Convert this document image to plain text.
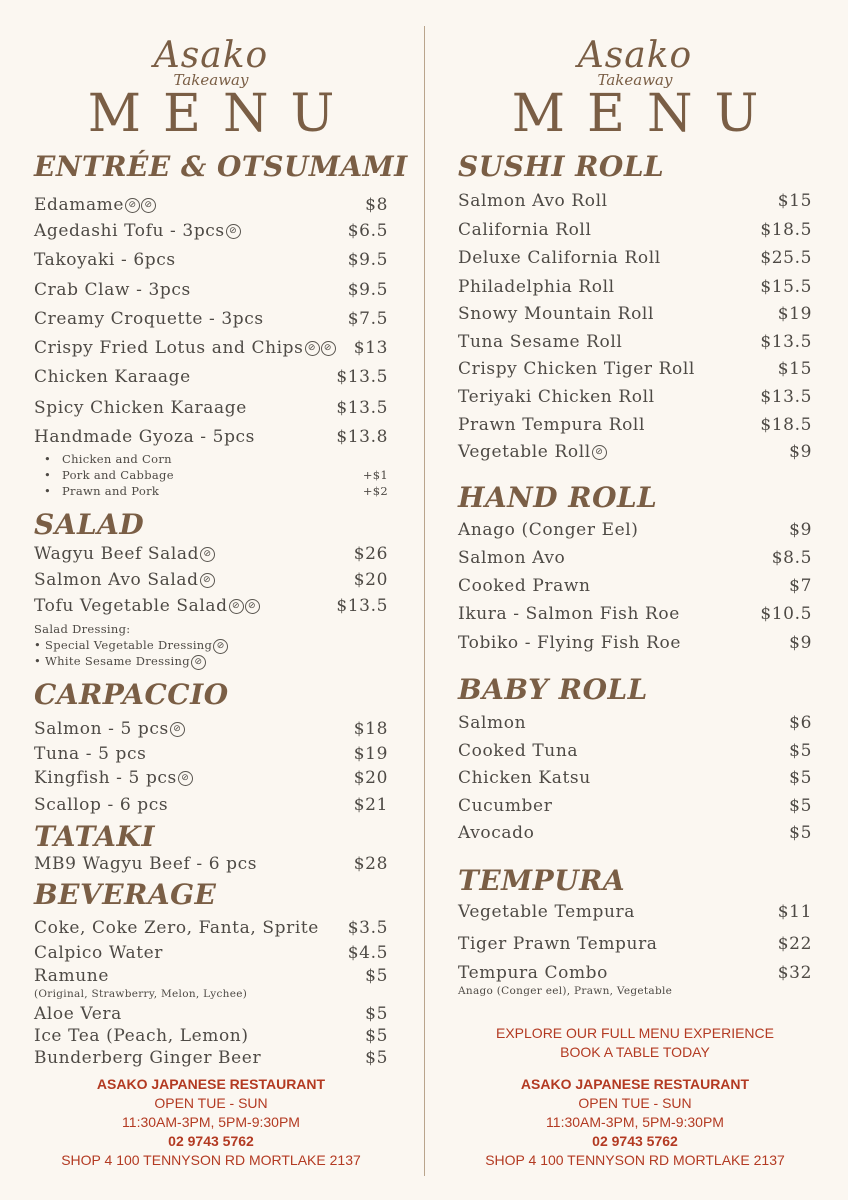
Asako
Takeaway
MENU
ENTRÉE & OTSUMAMI
Edamame ⊘ ⊘	$8
Agedashi Tofu - 3pcs ⊘	$6.5
Takoyaki - 6pcs	$9.5
Crab Claw - 3pcs	$9.5
Creamy Croquette - 3pcs	$7.5
Crispy Fried Lotus and Chips ⊘ ⊘ $13
Chicken Karaage	$13.5
Spicy Chicken Karaage	$13.5
Handmade Gyoza - 5pcs	$13.8
• Chicken and Corn
• Pork and Cabbage	+$1
• Prawn and Pork	+$2
SALAD
Wagyu Beef Salad ⊘	$26
Salmon Avo Salad ⊘	$20
Tofu Vegetable Salad ⊘ ⊘	$13.5
Salad Dressing:
• Special Vegetable Dressing ⊘
• White Sesame Dressing ⊘
CARPACCIO
Salmon - 5 pcs ⊘	$18
Tuna - 5 pcs	$19
Kingfish - 5 pcs ⊘	$20
Scallop - 6 pcs	$21
TATAKI
MB9 Wagyu Beef - 6 pcs	$28
BEVERAGE
Coke, Coke Zero, Fanta, Sprite $3.5
Calpico Water	$4.5
Ramune	$5
(Original, Strawberry, Melon, Lychee)
Aloe Vera	$5
Ice Tea (Peach, Lemon)	$5
Bunderberg Ginger Beer	$5
ASAKO JAPANESE RESTAURANT
OPEN TUE - SUN
11:30AM-3PM, 5PM-9:30PM
02 9743 5762
SHOP 4 100 TENNYSON RD MORTLAKE 2137
Asako
Takeaway
MENU
SUSHI ROLL
Salmon Avo Roll	$15
California Roll	$18.5
Deluxe California Roll	$25.5
Philadelphia Roll	$15.5
Snowy Mountain Roll	$19
Tuna Sesame Roll	$13.5
Crispy Chicken Tiger Roll	$15
Teriyaki Chicken Roll	$13.5
Prawn Tempura Roll	$18.5
Vegetable Roll ⊘	$9
HAND ROLL
Anago (Conger Eel)	$9
Salmon Avo	$8.5
Cooked Prawn	$7
Ikura - Salmon Fish Roe	$10.5
Tobiko - Flying Fish Roe	$9
BABY ROLL
Salmon	$6
Cooked Tuna	$5
Chicken Katsu	$5
Cucumber	$5
Avocado	$5
TEMPURA
Vegetable Tempura	$11
Tiger Prawn Tempura	$22
Tempura Combo	$32
Anago (Conger eel), Prawn, Vegetable
EXPLORE OUR FULL MENU EXPERIENCE
BOOK A TABLE TODAY
ASAKO JAPANESE RESTAURANT
OPEN TUE - SUN
11:30AM-3PM, 5PM-9:30PM
02 9743 5762
SHOP 4 100 TENNYSON RD MORTLAKE 2137
